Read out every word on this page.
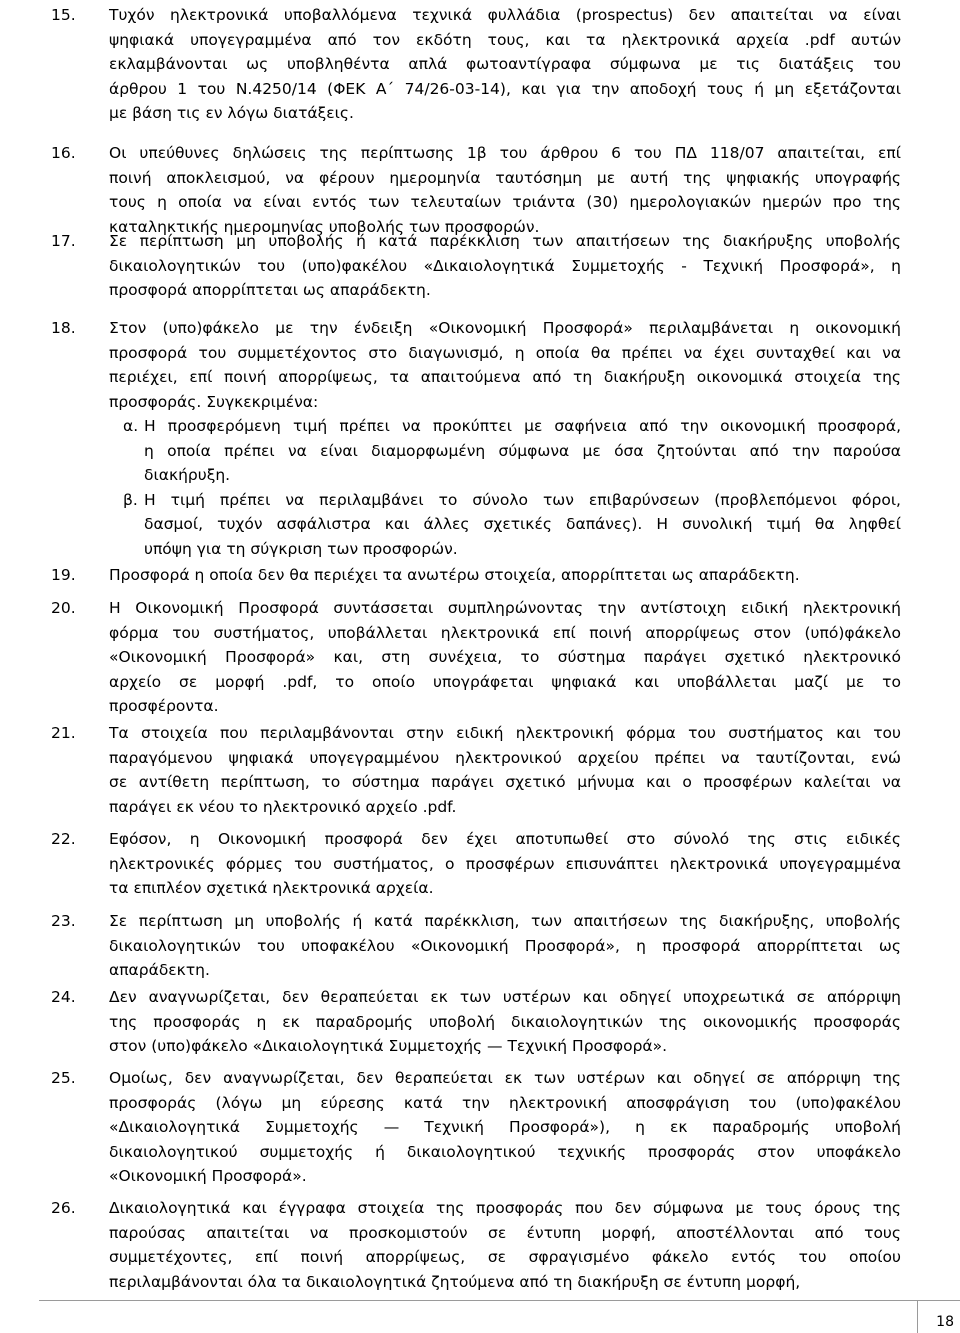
15. Τυχόν ηλεκτρονικά υποβαλλόμενα τεχνικά φυλλάδια (prospectus) δεν απαιτείται να είναι
ψηφιακά υπογεγραμμένα από τον εκδότη τους, και τα ηλεκτρονικά αρχεία .pdf αυτών
εκλαμβάνονται ως υποβληθέντα απλά φωτοαντίγραφα σύμφωνα με τις διατάξεις του
άρθρου 1 του Ν.4250/14 (ΦΕΚ Α΄ 74/26-03-14), και για την αποδοχή τους ή μη εξετάζονται
με βάση τις εν λόγω διατάξεις.
16. Οι υπεύθυνες δηλώσεις της περίπτωσης 1β του άρθρου 6 του ΠΔ 118/07 απαιτείται, επί
ποινή αποκλεισμού, να φέρουν ημερομηνία ταυτόσημη με αυτή της ψηφιακής υπογραφής
τους η οποία να είναι εντός των τελευταίων τριάντα (30) ημερολογιακών ημερών προ της
καταληκτικής ημερομηνίας υποβολής των προσφορών.
17. Σε περίπτωση μη υποβολής ή κατά παρέκκλιση των απαιτήσεων της διακήρυξης υποβολής
δικαιολογητικών του (υπο)φακέλου «Δικαιολογητικά Συμμετοχής - Τεχνική Προσφορά», η
προσφορά απορρίπτεται ως απαράδεκτη.
18. Στον (υπο)φάκελο με την ένδειξη «Οικονομική Προσφορά» περιλαμβάνεται η οικονομική
προσφορά του συμμετέχοντος στο διαγωνισμό, η οποία θα πρέπει να έχει συνταχθεί και να
περιέχει, επί ποινή απορρίψεως, τα απαιτούμενα από τη διακήρυξη οικονομικά στοιχεία της
προσφοράς. Συγκεκριμένα:
α. Η προσφερόμενη τιμή πρέπει να προκύπτει με σαφήνεια από την οικονομική προσφορά,
η οποία πρέπει να είναι διαμορφωμένη σύμφωνα με όσα ζητούνται από την παρούσα
διακήρυξη.
β. Η τιμή πρέπει να περιλαμβάνει το σύνολο των επιβαρύνσεων (προβλεπόμενοι φόροι,
δασμοί, τυχόν ασφάλιστρα και άλλες σχετικές δαπάνες). Η συνολική τιμή θα ληφθεί
υπόψη για τη σύγκριση των προσφορών.
19. Προσφορά η οποία δεν θα περιέχει τα ανωτέρω στοιχεία, απορρίπτεται ως απαράδεκτη.
20. Η Οικονομική Προσφορά συντάσσεται συμπληρώνοντας την αντίστοιχη ειδική ηλεκτρονική
φόρμα του συστήματος, υποβάλλεται ηλεκτρονικά επί ποινή απορρίψεως στον (υπό)φάκελο
«Οικονομική Προσφορά» και, στη συνέχεια, το σύστημα παράγει σχετικό ηλεκτρονικό
αρχείο σε μορφή .pdf, το οποίο υπογράφεται ψηφιακά και υποβάλλεται μαζί με το
προσφέροντα.
21. Τα στοιχεία που περιλαμβάνονται στην ειδική ηλεκτρονική φόρμα του συστήματος και του
παραγόμενου ψηφιακά υπογεγραμμένου ηλεκτρονικού αρχείου πρέπει να ταυτίζονται, ενώ
σε αντίθετη περίπτωση, το σύστημα παράγει σχετικό μήνυμα και ο προσφέρων καλείται να
παράγει εκ νέου το ηλεκτρονικό αρχείο .pdf.
22. Εφόσον, η Οικονομική προσφορά δεν έχει αποτυπωθεί στο σύνολό της στις ειδικές
ηλεκτρονικές φόρμες του συστήματος, ο προσφέρων επισυνάπτει ηλεκτρονικά υπογεγραμμένα
τα επιπλέον σχετικά ηλεκτρονικά αρχεία.
23. Σε περίπτωση μη υποβολής ή κατά παρέκκλιση, των απαιτήσεων της διακήρυξης, υποβολής
δικαιολογητικών του υποφακέλου «Οικονομική Προσφορά», η προσφορά απορρίπτεται ως
απαράδεκτη.
24. Δεν αναγνωρίζεται, δεν θεραπεύεται εκ των υστέρων και οδηγεί υποχρεωτικά σε απόρριψη
της προσφοράς η εκ παραδρομής υποβολή δικαιολογητικών της οικονομικής προσφοράς
στον (υπο)φάκελο «Δικαιολογητικά Συμμετοχής — Τεχνική Προσφορά».
25. Ομοίως, δεν αναγνωρίζεται, δεν θεραπεύεται εκ των υστέρων και οδηγεί σε απόρριψη της
προσφοράς (λόγω μη εύρεσης κατά την ηλεκτρονική αποσφράγιση του (υπο)φακέλου
«Δικαιολογητικά Συμμετοχής — Τεχνική Προσφορά»), η εκ παραδρομής υποβολή
δικαιολογητικού συμμετοχής ή δικαιολογητικού τεχνικής προσφοράς στον υποφάκελο
«Οικονομική Προσφορά».
26. Δικαιολογητικά και έγγραφα στοιχεία της προσφοράς που δεν σύμφωνα με τους όρους της
παρούσας απαιτείται να προσκομιστούν σε έντυπη μορφή, αποστέλλονται από τους
συμμετέχοντες, επί ποινή απορρίψεως, σε σφραγισμένο φάκελο εντός του οποίου
περιλαμβάνονται όλα τα δικαιολογητικά ζητούμενα από τη διακήρυξη σε έντυπη μορφή,
18
